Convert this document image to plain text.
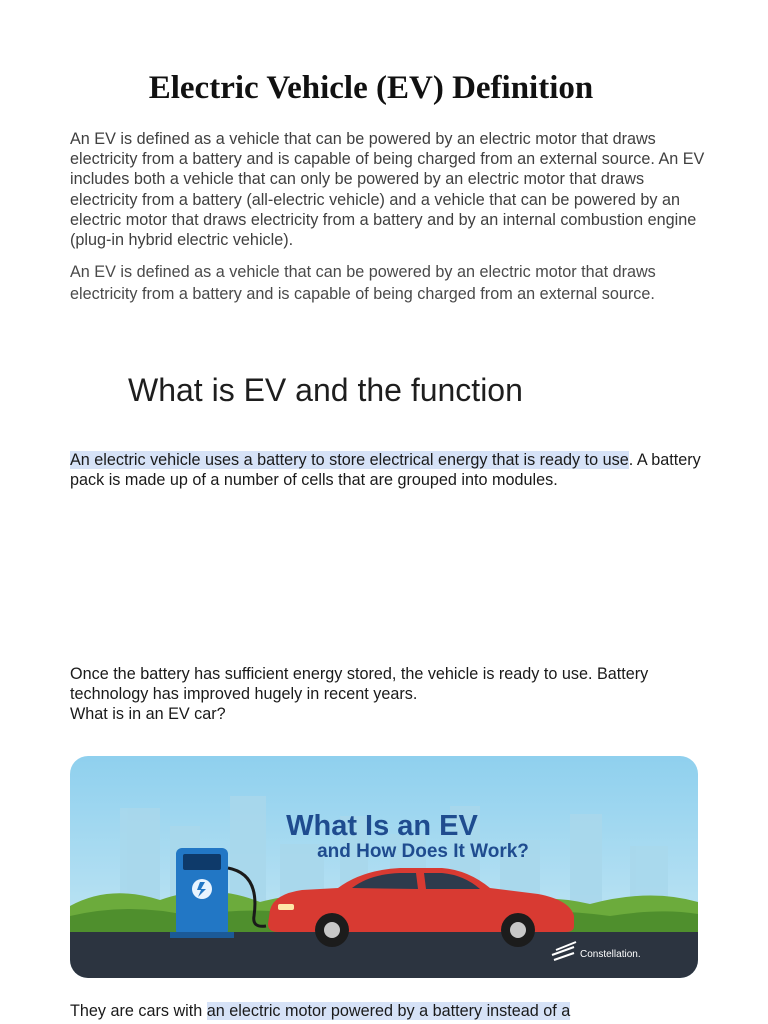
Electric Vehicle (EV) Definition

An EV is defined as a vehicle that can be powered by an electric motor that draws electricity from a battery and is capable of being charged from an external source. An EV includes both a vehicle that can only be powered by an electric motor that draws electricity from a battery (all-electric vehicle) and a vehicle that can be powered by an electric motor that draws electricity from a battery and by an internal combustion engine (plug-in hybrid electric vehicle).

An EV is defined as a vehicle that can be powered by an electric motor that draws electricity from a battery and is capable of being charged from an external source.

What is EV and the function

An electric vehicle uses a battery to store electrical energy that is ready to use. A battery pack is made up of a number of cells that are grouped into modules.

Once the battery has sufficient energy stored, the vehicle is ready to use. Battery technology has improved hugely in recent years.
What is in an EV car?

What Is an EV
and How Does It Work?
Constellation.

They are cars with an electric motor powered by a battery instead of a
